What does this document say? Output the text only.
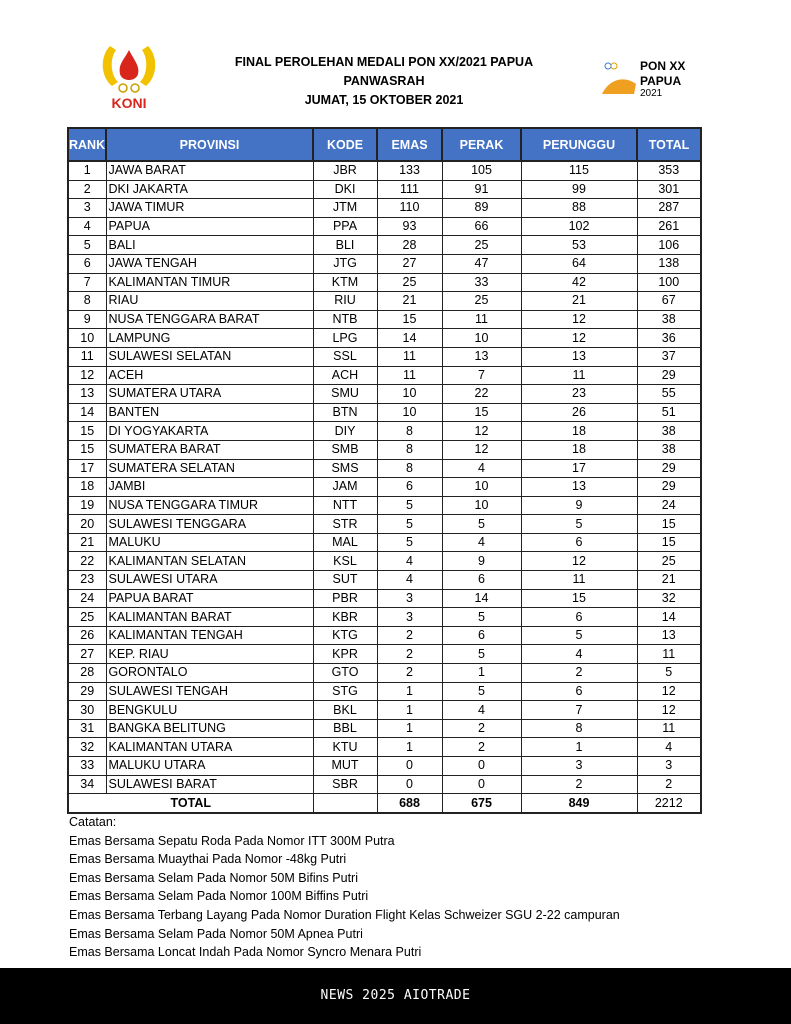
KONI
FINAL PEROLEHAN MEDALI PON XX/2021 PAPUA
PANWASRAH
JUMAT, 15 OKTOBER 2021
PON XX
PAPUA
2021
RANK	PROVINSI	KODE	EMAS	PERAK	PERUNGGU	TOTAL
1	JAWA BARAT	JBR	133	105	115	353
2	DKI JAKARTA	DKI	111	91	99	301
3	JAWA TIMUR	JTM	110	89	88	287
4	PAPUA	PPA	93	66	102	261
5	BALI	BLI	28	25	53	106
6	JAWA TENGAH	JTG	27	47	64	138
7	KALIMANTAN TIMUR	KTM	25	33	42	100
8	RIAU	RIU	21	25	21	67
9	NUSA TENGGARA BARAT	NTB	15	11	12	38
10	LAMPUNG	LPG	14	10	12	36
11	SULAWESI SELATAN	SSL	11	13	13	37
12	ACEH	ACH	11	7	11	29
13	SUMATERA UTARA	SMU	10	22	23	55
14	BANTEN	BTN	10	15	26	51
15	DI YOGYAKARTA	DIY	8	12	18	38
15	SUMATERA BARAT	SMB	8	12	18	38
17	SUMATERA SELATAN	SMS	8	4	17	29
18	JAMBI	JAM	6	10	13	29
19	NUSA TENGGARA TIMUR	NTT	5	10	9	24
20	SULAWESI TENGGARA	STR	5	5	5	15
21	MALUKU	MAL	5	4	6	15
22	KALIMANTAN SELATAN	KSL	4	9	12	25
23	SULAWESI UTARA	SUT	4	6	11	21
24	PAPUA BARAT	PBR	3	14	15	32
25	KALIMANTAN BARAT	KBR	3	5	6	14
26	KALIMANTAN TENGAH	KTG	2	6	5	13
27	KEP. RIAU	KPR	2	5	4	11
28	GORONTALO	GTO	2	1	2	5
29	SULAWESI TENGAH	STG	1	5	6	12
30	BENGKULU	BKL	1	4	7	12
31	BANGKA BELITUNG	BBL	1	2	8	11
32	KALIMANTAN UTARA	KTU	1	2	1	4
33	MALUKU UTARA	MUT	0	0	3	3
34	SULAWESI BARAT	SBR	0	0	2	2
TOTAL			688	675	849	2212
Catatan:
Emas Bersama Sepatu Roda Pada Nomor ITT 300M Putra
Emas Bersama Muaythai Pada Nomor -48kg Putri
Emas Bersama Selam Pada Nomor 50M Bifins Putri
Emas Bersama Selam Pada Nomor 100M Biffins Putri
Emas Bersama Terbang Layang Pada Nomor Duration Flight Kelas Schweizer SGU 2-22 campuran
Emas Bersama Selam Pada Nomor 50M Apnea Putri
Emas Bersama Loncat Indah Pada Nomor Syncro Menara Putri
NEWS 2025 AIOTRADE
